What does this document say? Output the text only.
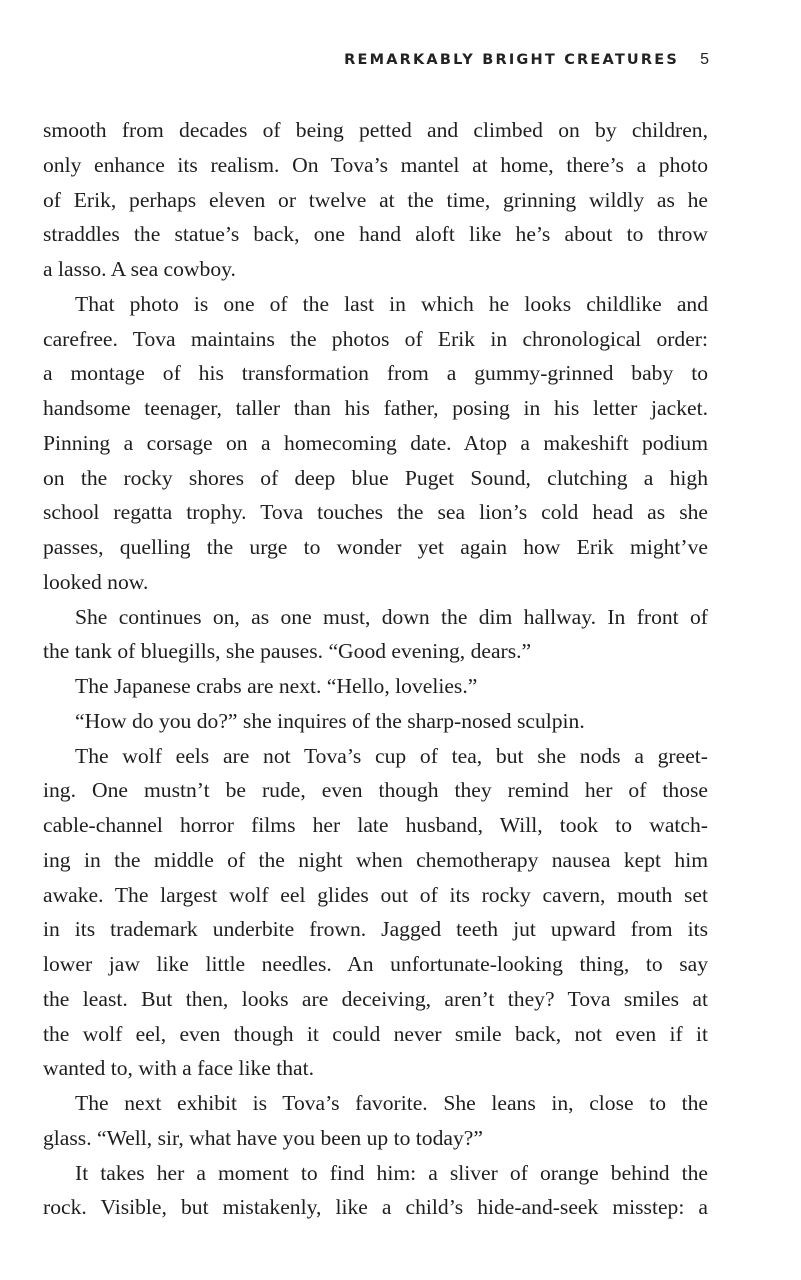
REMARKABLY BRIGHT CREATURES 5
smooth from decades of being petted and climbed on by children,
only enhance its realism. On Tova’s mantel at home, there’s a photo
of Erik, perhaps eleven or twelve at the time, grinning wildly as he
straddles the statue’s back, one hand aloft like he’s about to throw
a lasso. A sea cowboy.
That photo is one of the last in which he looks childlike and
carefree. Tova maintains the photos of Erik in chronological order:
a montage of his transformation from a gummy-grinned baby to
handsome teenager, taller than his father, posing in his letter jacket.
Pinning a corsage on a homecoming date. Atop a makeshift podium
on the rocky shores of deep blue Puget Sound, clutching a high
school regatta trophy. Tova touches the sea lion’s cold head as she
passes, quelling the urge to wonder yet again how Erik might’ve
looked now.
She continues on, as one must, down the dim hallway. In front of
the tank of bluegills, she pauses. “Good evening, dears.”
The Japanese crabs are next. “Hello, lovelies.”
“How do you do?” she inquires of the sharp-nosed sculpin.
The wolf eels are not Tova’s cup of tea, but she nods a greet-
ing. One mustn’t be rude, even though they remind her of those
cable-channel horror films her late husband, Will, took to watch-
ing in the middle of the night when chemotherapy nausea kept him
awake. The largest wolf eel glides out of its rocky cavern, mouth set
in its trademark underbite frown. Jagged teeth jut upward from its
lower jaw like little needles. An unfortunate-looking thing, to say
the least. But then, looks are deceiving, aren’t they? Tova smiles at
the wolf eel, even though it could never smile back, not even if it
wanted to, with a face like that.
The next exhibit is Tova’s favorite. She leans in, close to the
glass. “Well, sir, what have you been up to today?”
It takes her a moment to find him: a sliver of orange behind the
rock. Visible, but mistakenly, like a child’s hide-and-seek misstep: a
